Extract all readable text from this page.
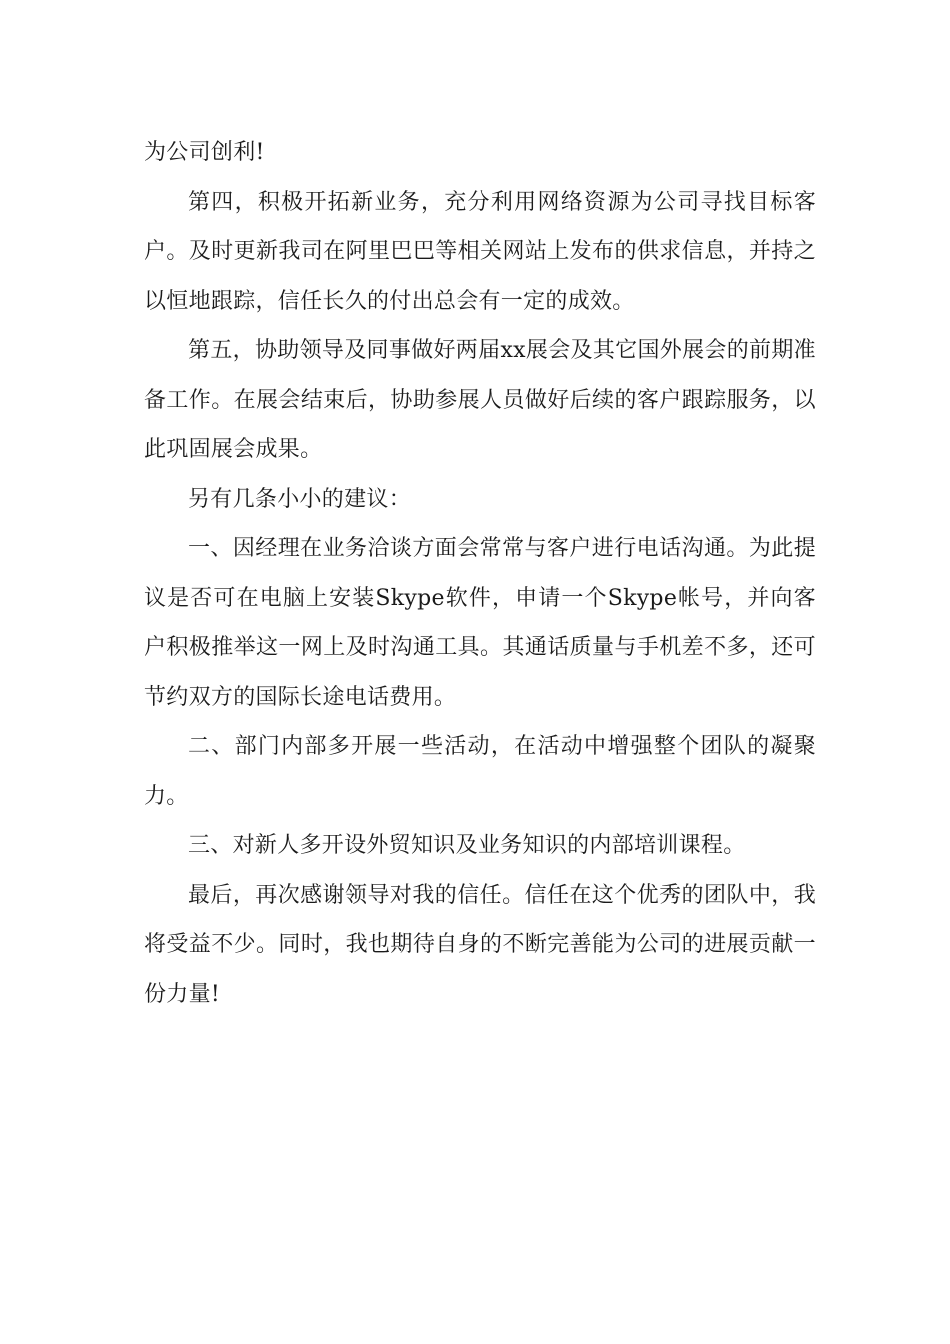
为公司创利!

第四，积极开拓新业务，充分利用网络资源为公司寻找目标客户。及时更新我司在阿里巴巴等相关网站上发布的供求信息，并持之以恒地跟踪，信任长久的付出总会有一定的成效。

第五，协助领导及同事做好两届xx展会及其它国外展会的前期准备工作。在展会结束后，协助参展人员做好后续的客户跟踪服务，以此巩固展会成果。

另有几条小小的建议：

一、因经理在业务洽谈方面会常常与客户进行电话沟通。为此提议是否可在电脑上安装Skype软件，申请一个Skype帐号，并向客户积极推举这一网上及时沟通工具。其通话质量与手机差不多，还可节约双方的国际长途电话费用。

二、部门内部多开展一些活动，在活动中增强整个团队的凝聚力。

三、对新人多开设外贸知识及业务知识的内部培训课程。

最后，再次感谢领导对我的信任。信任在这个优秀的团队中，我将受益不少。同时，我也期待自身的不断完善能为公司的进展贡献一份力量!
